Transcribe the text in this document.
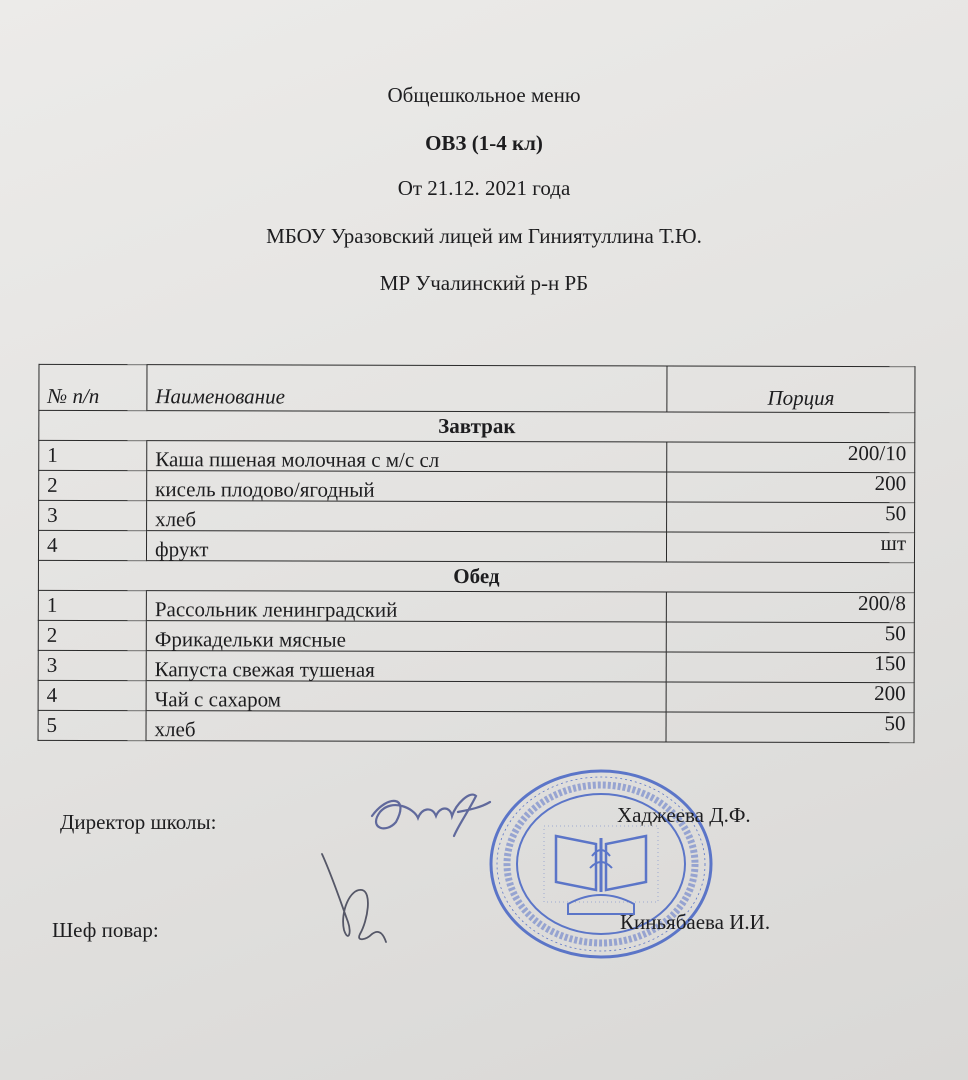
Общешкольное меню
ОВЗ (1-4 кл)
От 21.12. 2021 года
МБОУ Уразовский лицей им Гиниятуллина Т.Ю.
МР Учалинский р-н РБ
№ п/п	Наименование	Порция
Завтрак		
1	Каша пшеная молочная с м/с сл	200/10
2	кисель плодово/ягодный	200
3	хлеб	50
4	фрукт	шт
Обед		
1	Рассольник ленинградский	200/8
2	Фрикадельки мясные	50
3	Капуста свежая тушеная	150
4	Чай с сахаром	200
5	хлеб	50
Директор школы:	Хаджеева Д.Ф.
Шеф повар:	Киньябаева И.И.
